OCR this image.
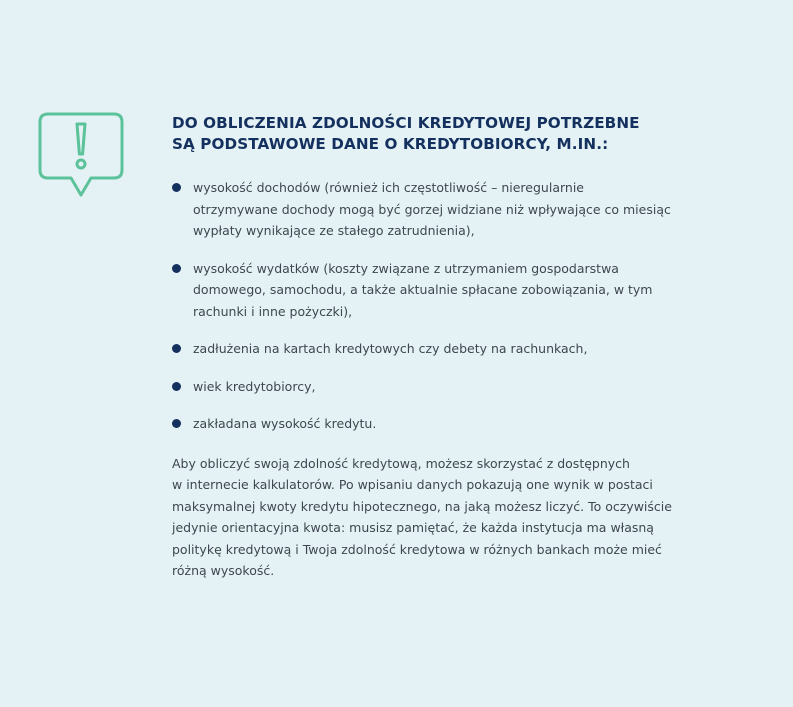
DO OBLICZENIA ZDOLNOŚCI KREDYTOWEJ POTRZEBNE
SĄ PODSTAWOWE DANE O KREDYTOBIORCY, M.IN.:
wysokość dochodów (również ich częstotliwość – nieregularnie
otrzymywane dochody mogą być gorzej widziane niż wpływające co miesiąc
wypłaty wynikające ze stałego zatrudnienia),
wysokość wydatków (koszty związane z utrzymaniem gospodarstwa
domowego, samochodu, a także aktualnie spłacane zobowiązania, w tym
rachunki i inne pożyczki),
zadłużenia na kartach kredytowych czy debety na rachunkach,
wiek kredytobiorcy,
zakładana wysokość kredytu.

Aby obliczyć swoją zdolność kredytową, możesz skorzystać z dostępnych
w internecie kalkulatorów. Po wpisaniu danych pokazują one wynik w postaci
maksymalnej kwoty kredytu hipotecznego, na jaką możesz liczyć. To oczywiście
jedynie orientacyjna kwota: musisz pamiętać, że każda instytucja ma własną
politykę kredytową i Twoja zdolność kredytowa w różnych bankach może mieć
różną wysokość.
